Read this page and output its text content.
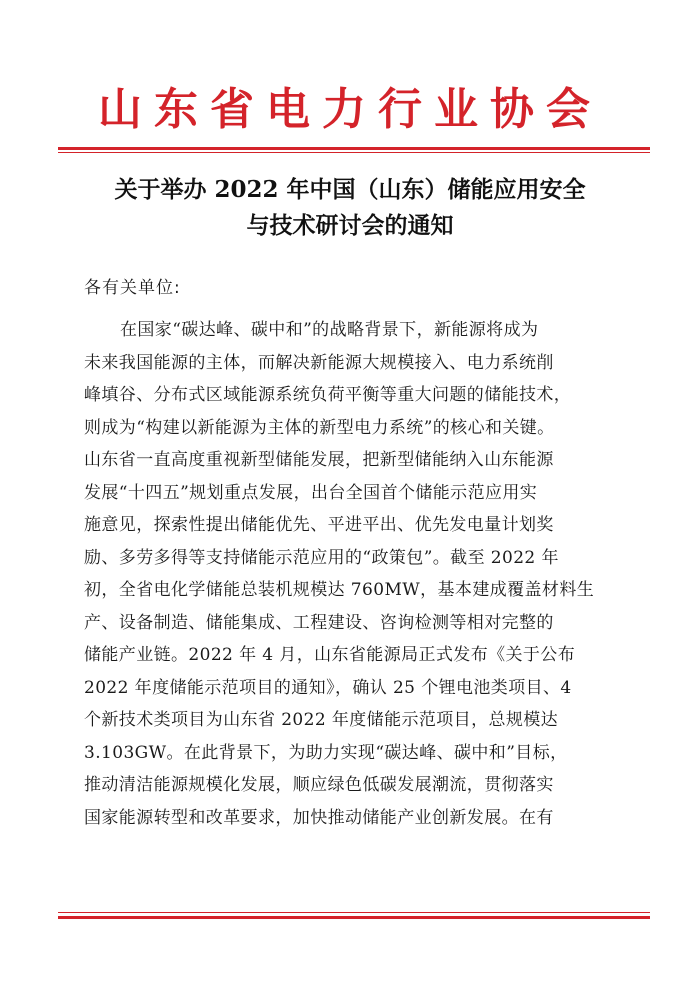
山东省电力行业协会
关于举办 2022 年中国（山东）储能应用安全
与技术研讨会的通知
各有关单位:
在国家“碳达峰、碳中和”的战略背景下，新能源将成为
未来我国能源的主体，而解决新能源大规模接入、电力系统削
峰填谷、分布式区域能源系统负荷平衡等重大问题的储能技术，
则成为“构建以新能源为主体的新型电力系统”的核心和关键。
山东省一直高度重视新型储能发展，把新型储能纳入山东能源
发展“十四五”规划重点发展，出台全国首个储能示范应用实
施意见，探索性提出储能优先、平进平出、优先发电量计划奖
励、多劳多得等支持储能示范应用的“政策包”。截至 2022 年
初，全省电化学储能总装机规模达 760MW，基本建成覆盖材料生
产、设备制造、储能集成、工程建设、咨询检测等相对完整的
储能产业链。2022 年 4 月，山东省能源局正式发布《关于公布
2022 年度储能示范项目的通知》，确认 25 个锂电池类项目、4
个新技术类项目为山东省 2022 年度储能示范项目，总规模达
3.103GW。在此背景下，为助力实现“碳达峰、碳中和”目标，
推动清洁能源规模化发展，顺应绿色低碳发展潮流，贯彻落实
国家能源转型和改革要求，加快推动储能产业创新发展。在有
